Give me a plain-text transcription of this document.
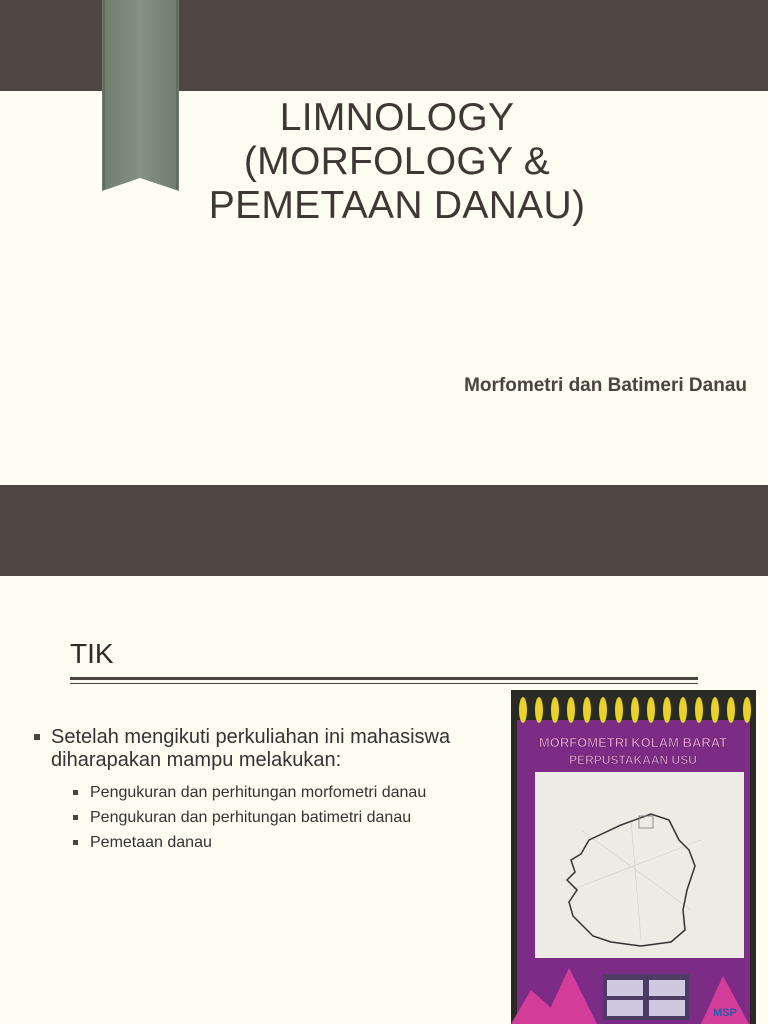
LIMNOLOGY
(MORFOLOGY &
PEMETAAN DANAU)

Morfometri dan Batimeri Danau

TIK
Setelah mengikuti perkuliahan ini mahasiswa diharapakan mampu melakukan:
Pengukuran dan perhitungan morfometri danau
Pengukuran dan perhitungan batimetri danau
Pemetaan danau
MORFOMETRI KOLAM BARAT
PERPUSTAKAAN USU
MSP
